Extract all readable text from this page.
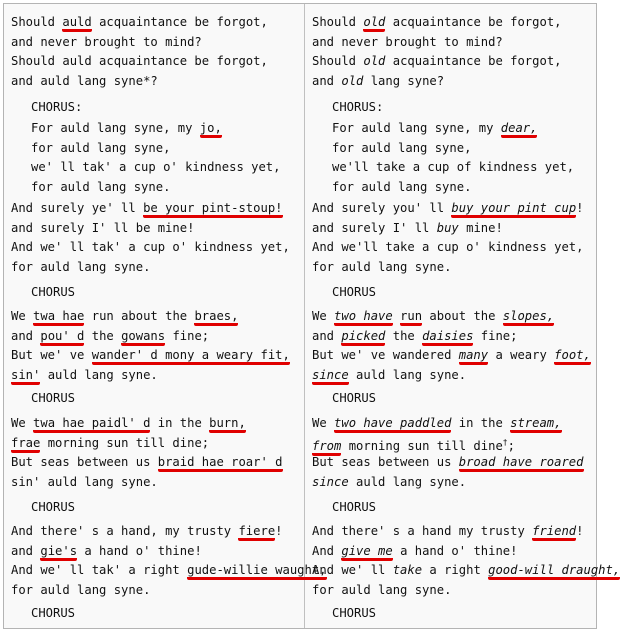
Should auld acquaintance be forgot,
and never brought to mind?
Should auld acquaintance be forgot,
and auld lang syne*?
CHORUS:
For auld lang syne, my jo,
for auld lang syne,
we' ll tak' a cup o' kindness yet,
for auld lang syne.
And surely ye' ll be your pint-stoup!
and surely I' ll be mine!
And we' ll tak' a cup o' kindness yet,
for auld lang syne.
CHORUS
We twa hae run about the braes,
and pou' d the gowans fine;
But we' ve wander' d mony a weary fit,
sin' auld lang syne.
CHORUS
We twa hae paidl' d in the burn,
frae morning sun till dine;
But seas between us braid hae roar' d
sin' auld lang syne.
CHORUS
And there' s a hand, my trusty fiere!
and gie's a hand o' thine!
And we' ll tak' a right gude-willie waught,
for auld lang syne.
CHORUS
Should old acquaintance be forgot,
and never brought to mind?
Should old acquaintance be forgot,
and old lang syne?
CHORUS:
For auld lang syne, my dear,
for auld lang syne,
we'll take a cup of kindness yet,
for auld lang syne.
And surely you' ll buy your pint cup!
and surely I' ll buy mine!
And we'll take a cup o' kindness yet,
for auld lang syne.
CHORUS
We two have run about the slopes,
and picked the daisies fine;
But we' ve wandered many a weary foot,
since auld lang syne.
CHORUS
We two have paddled in the stream,
from morning sun till dine†;
But seas between us broad have roared
since auld lang syne.
CHORUS
And there' s a hand my trusty friend!
And give me a hand o' thine!
And we' ll take a right good-will draught,
for auld lang syne.
CHORUS
